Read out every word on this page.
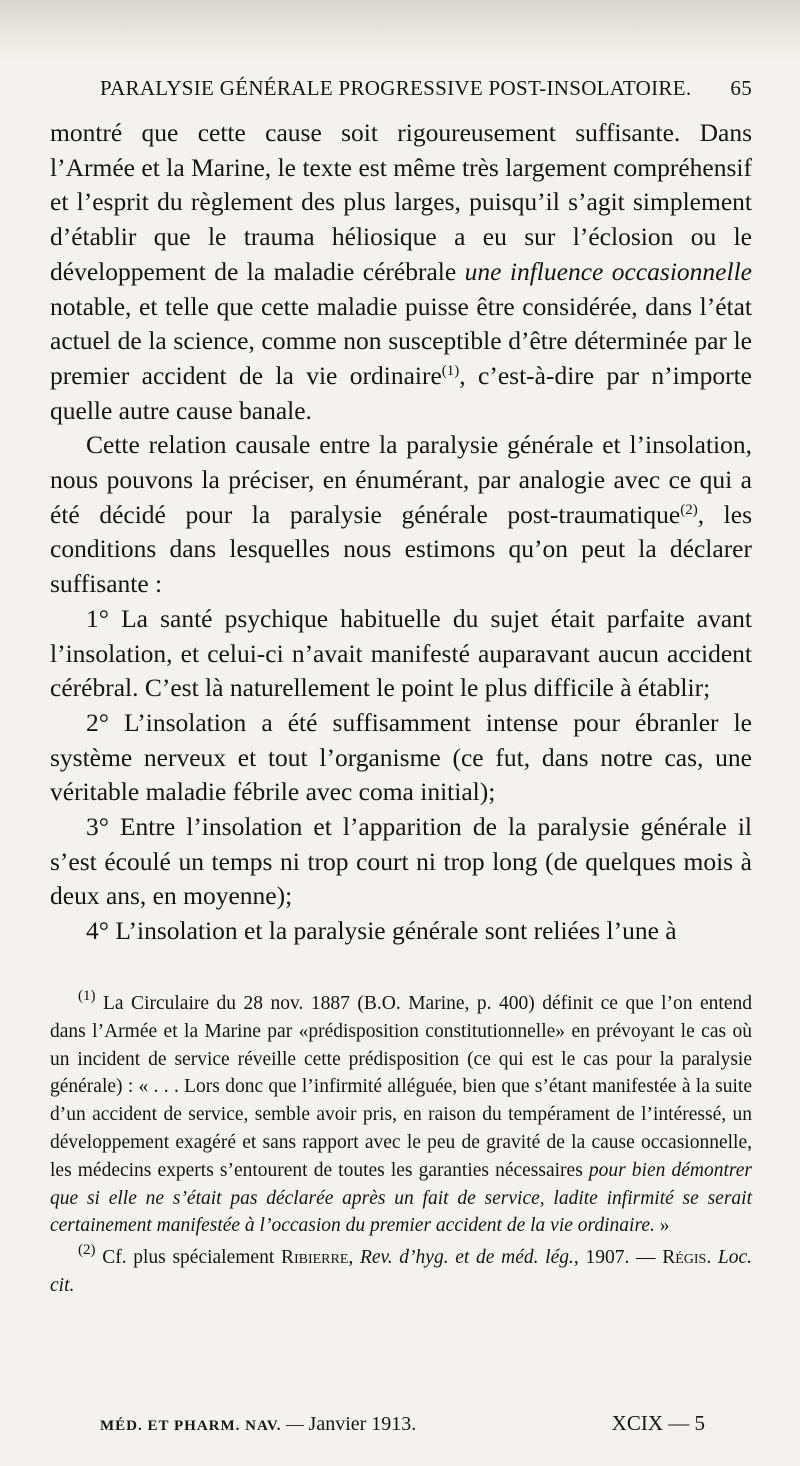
PARALYSIE GÉNÉRALE PROGRESSIVE POST-INSOLATOIRE. 65

montré que cette cause soit rigoureusement suffisante. Dans l’Armée et la Marine, le texte est même très largement compréhensif et l’esprit du règlement des plus larges, puisqu’il s’agit simplement d’établir que le trauma héliosique a eu sur l’éclosion ou le développement de la maladie cérébrale une influence occasionnelle notable, et telle que cette maladie puisse être considérée, dans l’état actuel de la science, comme non susceptible d’être déterminée par le premier accident de la vie ordinaire$^{(1)}$, c’est-à-dire par n’importe quelle autre cause banale.

Cette relation causale entre la paralysie générale et l’insolation, nous pouvons la préciser, en énumérant, par analogie avec ce qui a été décidé pour la paralysie générale post-traumatique$^{(2)}$, les conditions dans lesquelles nous estimons qu’on peut la déclarer suffisante :

1° La santé psychique habituelle du sujet était parfaite avant l’insolation, et celui-ci n’avait manifesté auparavant aucun accident cérébral. C’est là naturellement le point le plus difficile à établir;

2° L’insolation a été suffisamment intense pour ébranler le système nerveux et tout l’organisme (ce fut, dans notre cas, une véritable maladie fébrile avec coma initial);

3° Entre l’insolation et l’apparition de la paralysie générale il s’est écoulé un temps ni trop court ni trop long (de quelques mois à deux ans, en moyenne);

4° L’insolation et la paralysie générale sont reliées l’une à

$^{(1)}$ La Circulaire du 28 nov. 1887 (B.O. Marine, p. 400) définit ce que l’on entend dans l’Armée et la Marine par «prédisposition constitutionnelle» en prévoyant le cas où un incident de service réveille cette prédisposition (ce qui est le cas pour la paralysie générale) : « . . . Lors donc que l’infirmité alléguée, bien que s’étant manifestée à la suite d’un accident de service, semble avoir pris, en raison du tempérament de l’intéressé, un développement exagéré et sans rapport avec le peu de gravité de la cause occasionnelle, les médecins experts s’entourent de toutes les garanties nécessaires pour bien démontrer que si elle ne s’était pas déclarée après un fait de service, ladite infirmité se serait certainement manifestée à l’occasion du premier accident de la vie ordinaire. »

$^{(2)}$ Cf. plus spécialement Ribierre, Rev. d’hyg. et de méd. lég., 1907. — Régis. Loc. cit.

MÉD. ET PHARM. NAV. — Janvier 1913.	XCIX — 5
